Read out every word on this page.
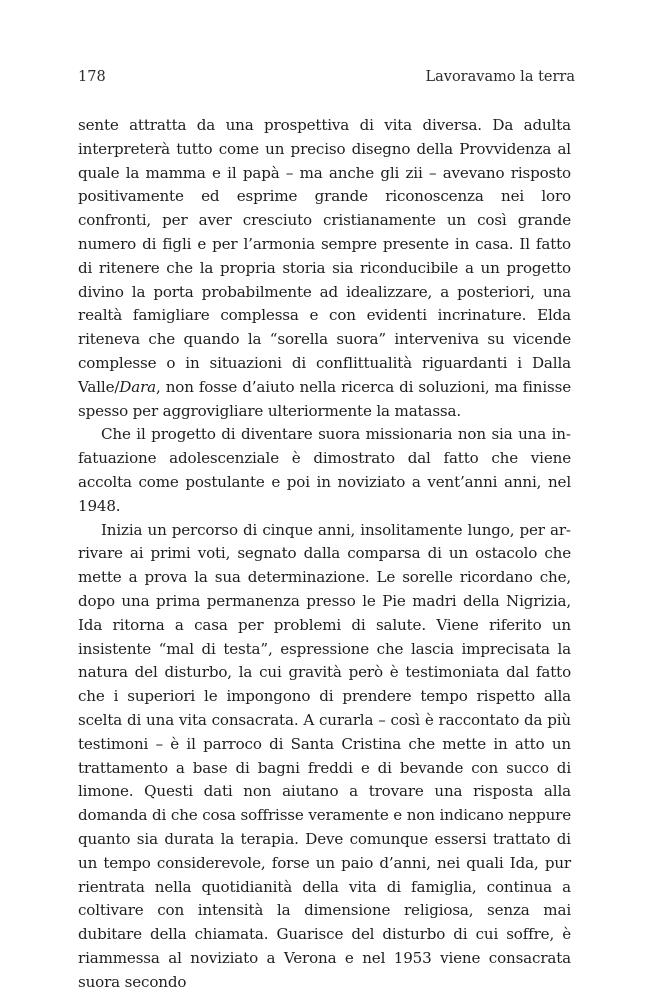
178	Lavoravamo la terra

sente attratta da una prospettiva di vita diversa. Da adulta interpreterà tutto come un preciso disegno della Provvidenza al quale la mamma e il papà – ma anche gli zii – avevano risposto positivamente ed esprime grande riconoscenza nei loro confronti, per aver cresciuto cristianamente un così grande numero di figli e per l’armonia sempre presente in casa. Il fatto di ritenere che la propria storia sia riconducibile a un progetto divino la porta probabilmente ad idealizzare, a posteriori, una realtà famigliare complessa e con evidenti incrinature. Elda riteneva che quando la “sorella suora” interveniva su vicende complesse o in situazioni di conflittualità riguardanti i Dalla Valle/Dara, non fosse d’aiuto nella ricerca di soluzioni, ma finisse spesso per aggrovigliare ulteriormente la matassa.

Che il progetto di diventare suora missionaria non sia una infatuazione adolescenziale è dimostrato dal fatto che viene accolta come postulante e poi in noviziato a vent’anni anni, nel 1948.

Inizia un percorso di cinque anni, insolitamente lungo, per arrivare ai primi voti, segnato dalla comparsa di un ostacolo che mette a prova la sua determinazione. Le sorelle ricordano che, dopo una prima permanenza presso le Pie madri della Nigrizia, Ida ritorna a casa per problemi di salute. Viene riferito un insistente “mal di testa”, espressione che lascia imprecisata la natura del disturbo, la cui gravità però è testimoniata dal fatto che i superiori le impongono di prendere tempo rispetto alla scelta di una vita consacrata. A curarla – così è raccontato da più testimoni – è il parroco di Santa Cristina che mette in atto un trattamento a base di bagni freddi e di bevande con succo di limone. Questi dati non aiutano a trovare una risposta alla domanda di che cosa soffrisse veramente e non indicano neppure quanto sia durata la terapia. Deve comunque essersi trattato di un tempo considerevole, forse un paio d’anni, nei quali Ida, pur rientrata nella quotidianità della vita di famiglia, continua a coltivare con intensità la dimensione religiosa, senza mai dubitare della chiamata. Guarisce del disturbo di cui soffre, è riammessa al noviziato a Verona e nel 1953 viene consacrata suora secondo
